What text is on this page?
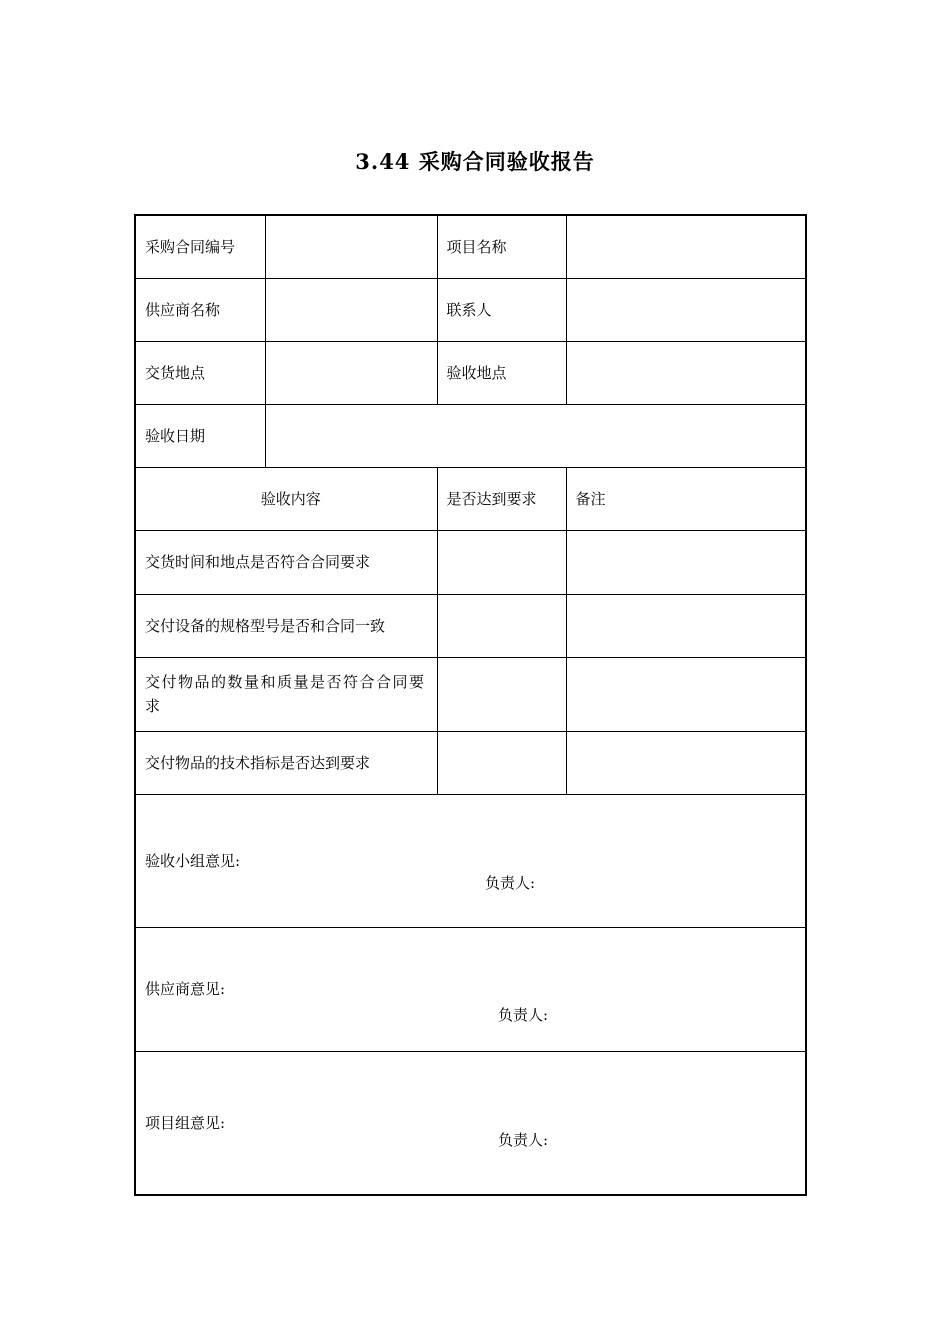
3.44 采购合同验收报告
采购合同编号		项目名称	
供应商名称		联系人	
交货地点		验收地点	
验收日期			
验收内容		是否达到要求	备注
交货时间和地点是否符合合同要求			
交付设备的规格型号是否和合同一致			
交付物品的数量和质量是否符合合同要求			
交付物品的技术指标是否达到要求			
验收小组意见:
负责人:			

供应商意见:
负责人:			

项目组意见:
负责人:			
